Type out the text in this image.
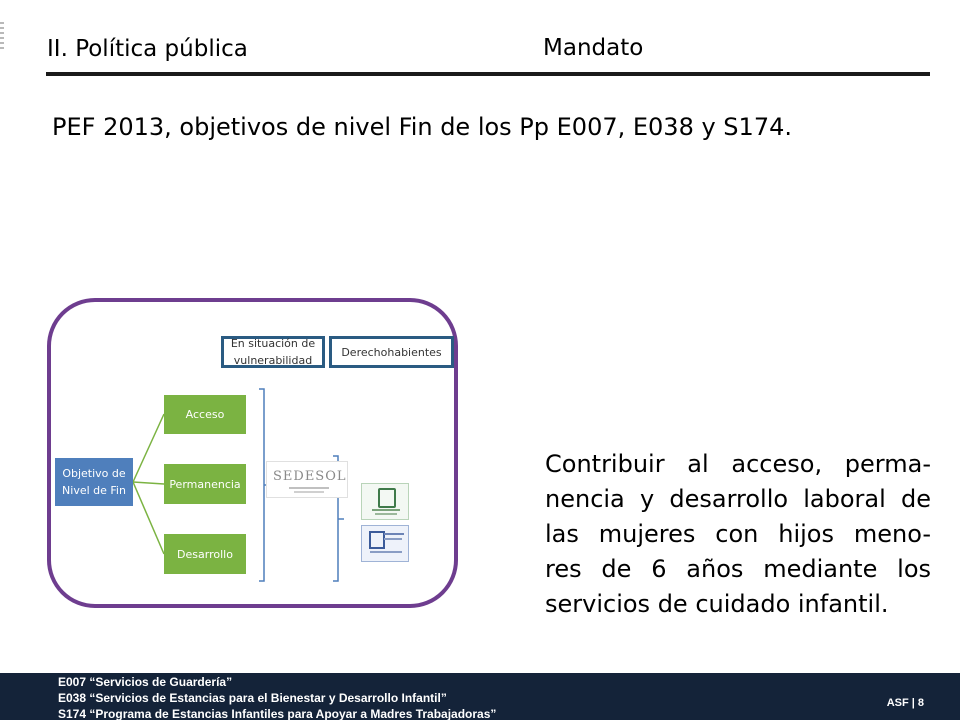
II. Política pública	Mandato
PEF 2013, objetivos de nivel Fin de los Pp E007, E038 y S174.
Objetivo de
Nivel de Fin
Acceso
Permanencia
Desarrollo
En situación de
vulnerabilidad
Derechohabientes
SEDESOL	Contribuir al acceso, perma-
nencia y desarrollo laboral de
las mujeres con hijos meno-
res de 6 años mediante los
servicios de cuidado infantil.
E007 “Servicios de Guardería”
E038 “Servicios de Estancias para el Bienestar y Desarrollo Infantil”
S174 “Programa de Estancias Infantiles para Apoyar a Madres Trabajadoras”
ASF | 8
